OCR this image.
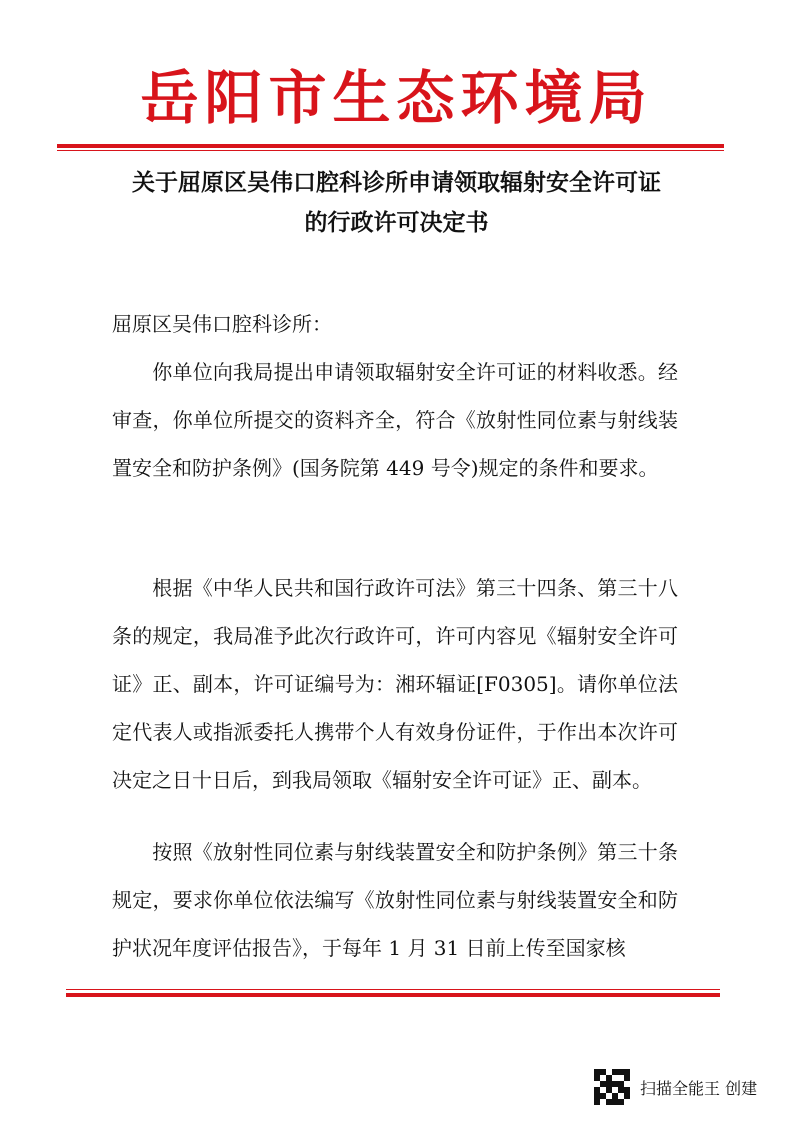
岳阳市生态环境局
关于屈原区吴伟口腔科诊所申请领取辐射安全许可证
的行政许可决定书
屈原区吴伟口腔科诊所：
你单位向我局提出申请领取辐射安全许可证的材料收悉。经审查，你单位所提交的资料齐全，符合《放射性同位素与射线装置安全和防护条例》(国务院第 449 号令)规定的条件和要求。
根据《中华人民共和国行政许可法》第三十四条、第三十八条的规定，我局准予此次行政许可，许可内容见《辐射安全许可证》正、副本，许可证编号为：湘环辐证[F0305]。请你单位法定代表人或指派委托人携带个人有效身份证件，于作出本次许可决定之日十日后，到我局领取《辐射安全许可证》正、副本。
按照《放射性同位素与射线装置安全和防护条例》第三十条规定，要求你单位依法编写《放射性同位素与射线装置安全和防护状况年度评估报告》，于每年 1 月 31 日前上传至国家核
扫描全能王 创建
